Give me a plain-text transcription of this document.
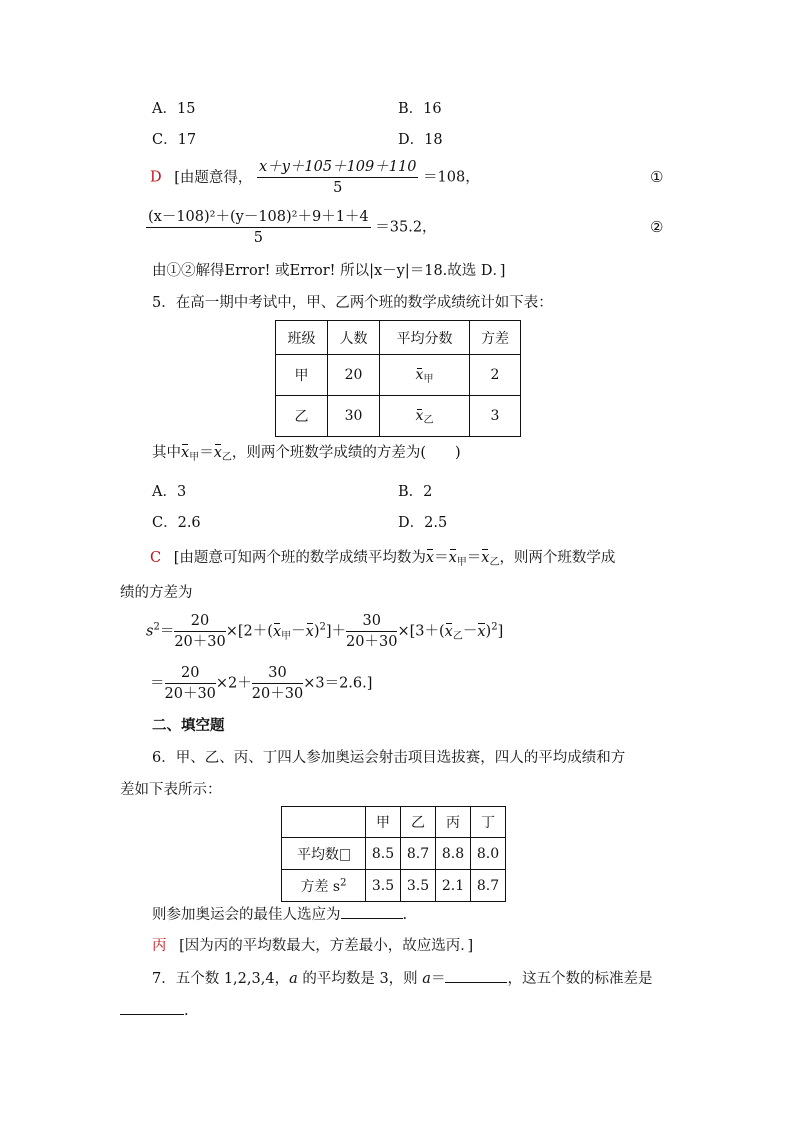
A．15	B．16
C．17	D．18
D [由题意得， $\frac{x+y+105+109+110}{5} =108$，	①
$\frac{\text{(x－108)²＋(y－108)²＋9＋1＋4}}{5} =35.2$，	②
由①②解得Error! 或Error! 所以|x－y|＝18.故选 D．]
5．在高一期中考试中，甲、乙两个班的数学成绩统计如下表：
班级	人数	平均分数	方差
甲	20	$x_甲$	2
乙	30	$x_乙$	3
其中$x_甲=x_乙$，则两个班数学成绩的方差为(　　)
A．3	B．2
C．2.6	D．2.5
C [由题意可知两个班的数学成绩平均数为$x=x_甲=x_乙$，则两个班数学成
绩的方差为
$s^2= \frac{20}{20+30} \times[2+(x_甲-x)^2]+ \frac{30}{20+30} \times[3+(x_乙-x)^2]$
＝ $\frac{20}{20+30} \times 2+ \frac{30}{20+30} \times 3=2.6$.]
二、填空题
6．甲、乙、丙、丁四人参加奥运会射击项目选拔赛，四人的平均成绩和方
差如下表所示：
	甲	乙	丙	丁
平均数	8.5	8.7	8.8	8.0
方差 $s^2$	3.5	3.5	2.1	8.7
则参加奥运会的最佳人选应为	.
丙 [因为丙的平均数最大，方差最小，故应选丙．]
7．五个数 1,2,3,4，a 的平均数是 3，则 a＝	，这五个数的标准差是
.
